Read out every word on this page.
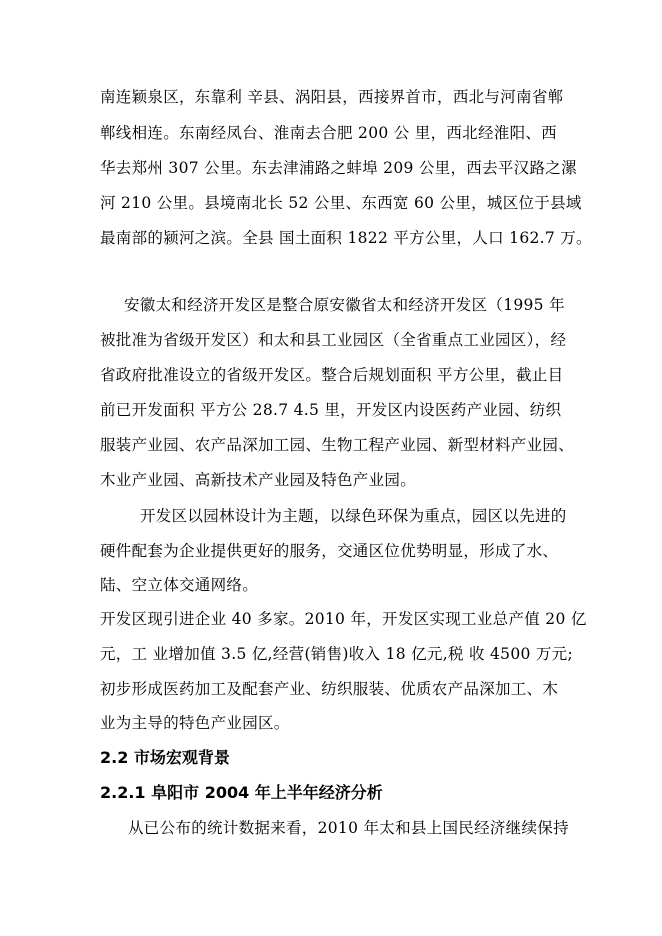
南连颖泉区，东靠利 辛县、涡阳县，西接界首市，西北与河南省郸
郸线相连。东南经凤台、淮南去合肥 200 公 里，西北经淮阳、西
华去郑州 307 公里。东去津浦路之蚌埠 209 公里，西去平汉路之漯
河 210 公里。县境南北长 52 公里、东西宽 60 公里，城区位于县域
最南部的颍河之滨。全县 国土面积 1822 平方公里，人口 162.7 万。
安徽太和经济开发区是整合原安徽省太和经济开发区（1995 年
被批准为省级开发区）和太和县工业园区（全省重点工业园区），经
省政府批准设立的省级开发区。整合后规划面积 平方公里，截止目
前已开发面积 平方公 28.7 4.5 里，开发区内设医药产业园、纺织
服装产业园、农产品深加工园、生物工程产业园、新型材料产业园、
木业产业园、高新技术产业园及特色产业园。
开发区以园林设计为主题，以绿色环保为重点，园区以先进的
硬件配套为企业提供更好的服务，交通区位优势明显，形成了水、
陆、空立体交通网络。
开发区现引进企业 40 多家。2010 年，开发区实现工业总产值 20 亿
元，工 业增加值 3.5 亿,经营(销售)收入 18 亿元,税 收 4500 万元;
初步形成医药加工及配套产业、纺织服装、优质农产品深加工、木
业为主导的特色产业园区。
2.2 市场宏观背景
2.2.1 阜阳市 2004 年上半年经济分析
从已公布的统计数据来看，2010 年太和县上国民经济继续保持
